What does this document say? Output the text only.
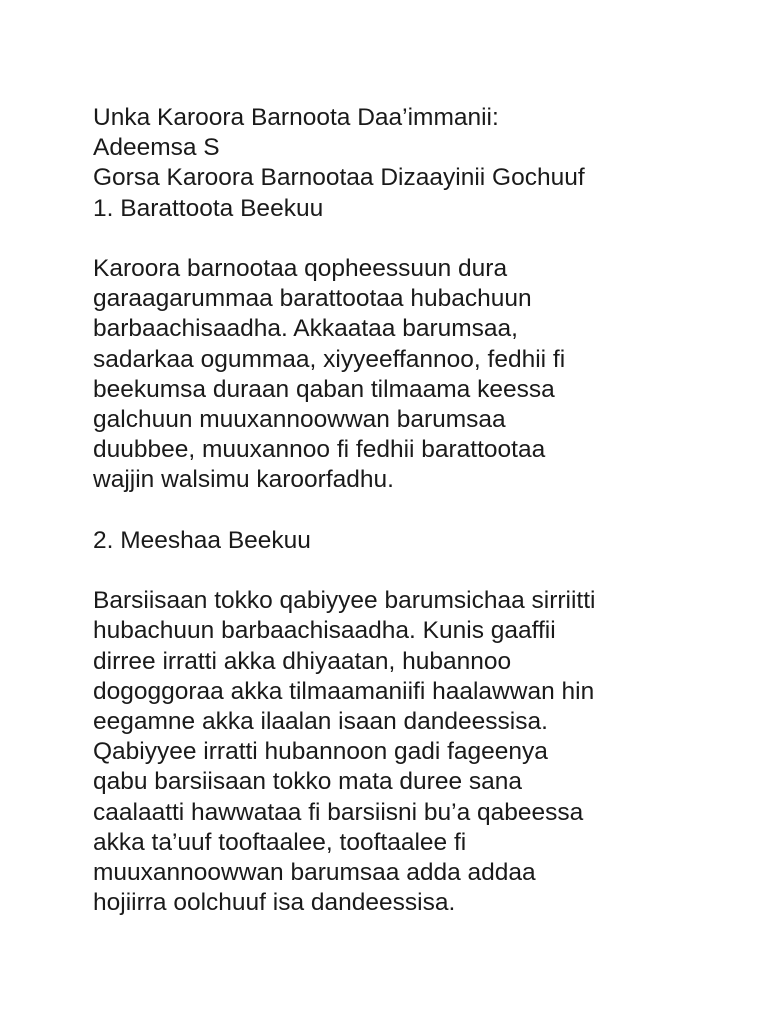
Unka Karoora Barnoota Daa’immanii:
Adeemsa S
Gorsa Karoora Barnootaa Dizaayinii Gochuuf
1. Barattoota Beekuu

Karoora barnootaa qopheessuun dura
garaagarummaa barattootaa hubachuun
barbaachisaadha. Akkaataa barumsaa,
sadarkaa ogummaa, xiyyeeffannoo, fedhii fi
beekumsa duraan qaban tilmaama keessa
galchuun muuxannoowwan barumsaa
duubbee, muuxannoo fi fedhii barattootaa
wajjin walsimu karoorfadhu.

2. Meeshaa Beekuu

Barsiisaan tokko qabiyyee barumsichaa sirriitti
hubachuun barbaachisaadha. Kunis gaaffii
dirree irratti akka dhiyaatan, hubannoo
dogoggoraa akka tilmaamaniifi haalawwan hin
eegamne akka ilaalan isaan dandeessisa.
Qabiyyee irratti hubannoon gadi fageenya
qabu barsiisaan tokko mata duree sana
caalaatti hawwataa fi barsiisni bu’a qabeessa
akka ta’uuf tooftaalee, tooftaalee fi
muuxannoowwan barumsaa adda addaa
hojiirra oolchuuf isa dandeessisa.
